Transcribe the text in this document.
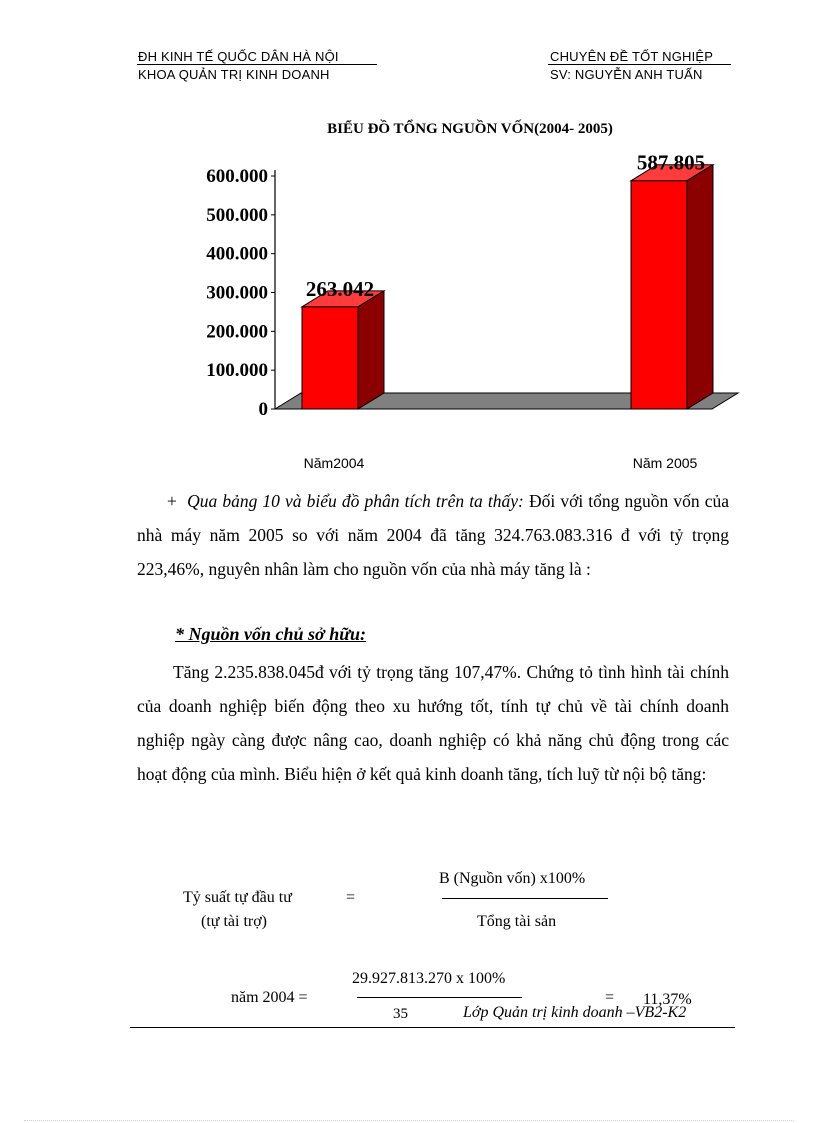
ĐH KINH TẾ QUỐC DÂN HÀ NỘI
KHOA QUẢN TRỊ KINH DOANH
CHUYÊN ĐỀ TỐT NGHIỆP
SV: NGUYỄN ANH TUẤN
BIỂU ĐỒ TỔNG NGUỒN VỐN(2004- 2005)
0
100.000
200.000
300.000
400.000
500.000
600.000
263.042
587.805
Năm2004	Năm 2005
+ Qua bảng 10 và biểu đồ phân tích trên ta thấy: Đối với tổng nguồn vốn của nhà máy năm 2005 so với năm 2004 đã tăng 324.763.083.316 đ với tỷ trọng 223,46%, nguyên nhân làm cho nguồn vốn của nhà máy tăng là :
* Nguồn vốn chủ sở hữu:
Tăng 2.235.838.045đ với tỷ trọng tăng 107,47%. Chứng tỏ tình hình tài chính của doanh nghiệp biến động theo xu hướng tốt, tính tự chủ về tài chính doanh nghiệp ngày càng được nâng cao, doanh nghiệp có khả năng chủ động trong các hoạt động của mình. Biểu hiện ở kết quả kinh doanh tăng, tích luỹ từ nội bộ tăng:
Tỷ suất tự đầu tư
(tự tài trợ)
=
B (Nguồn vốn) x100%
Tổng tài sản
năm 2004 =
29.927.813.270 x 100%
= 11,37%
35	Lớp Quản trị kinh doanh –VB2-K2
